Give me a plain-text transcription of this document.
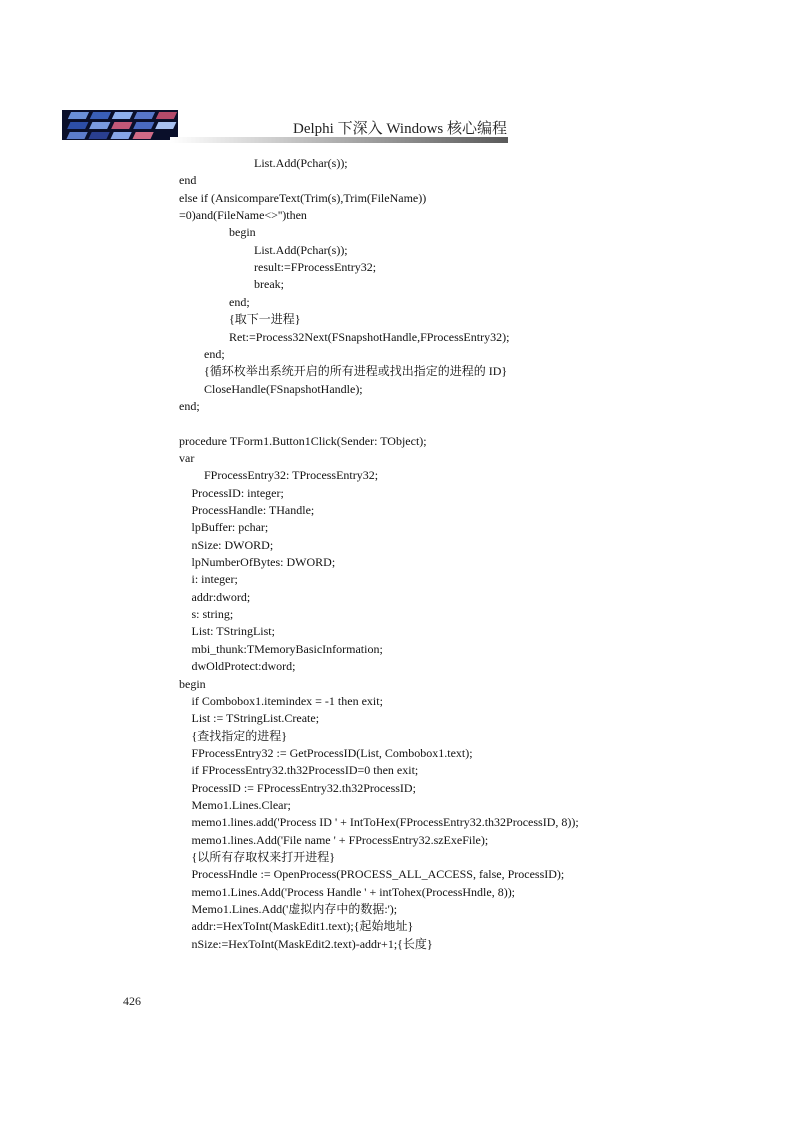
Delphi 下深入 Windows 核心编程
List.Add(Pchar(s));
end
else if (AnsicompareText(Trim(s),Trim(FileName))
=0)and(FileName<>'')then
begin
List.Add(Pchar(s));
result:=FProcessEntry32;
break;
end;
{取下一进程}
Ret:=Process32Next(FSnapshotHandle,FProcessEntry32);
end;
{循环枚举出系统开启的所有进程或找出指定的进程的 ID}
CloseHandle(FSnapshotHandle);
end;
procedure TForm1.Button1Click(Sender: TObject);
var
FProcessEntry32: TProcessEntry32;
ProcessID: integer;
ProcessHandle: THandle;
lpBuffer: pchar;
nSize: DWORD;
lpNumberOfBytes: DWORD;
i: integer;
addr:dword;
s: string;
List: TStringList;
mbi_thunk:TMemoryBasicInformation;
dwOldProtect:dword;
begin
if Combobox1.itemindex = -1 then exit;
List := TStringList.Create;
{查找指定的进程}
FProcessEntry32 := GetProcessID(List, Combobox1.text);
if FProcessEntry32.th32ProcessID=0 then exit;
ProcessID := FProcessEntry32.th32ProcessID;
Memo1.Lines.Clear;
memo1.lines.add('Process ID ' + IntToHex(FProcessEntry32.th32ProcessID, 8));
memo1.lines.Add('File name ' + FProcessEntry32.szExeFile);
{以所有存取权来打开进程}
ProcessHndle := OpenProcess(PROCESS_ALL_ACCESS, false, ProcessID);
memo1.Lines.Add('Process Handle ' + intTohex(ProcessHndle, 8));
Memo1.Lines.Add('虚拟内存中的数据:');
addr:=HexToInt(MaskEdit1.text);{起始地址}
nSize:=HexToInt(MaskEdit2.text)-addr+1;{长度}
426
